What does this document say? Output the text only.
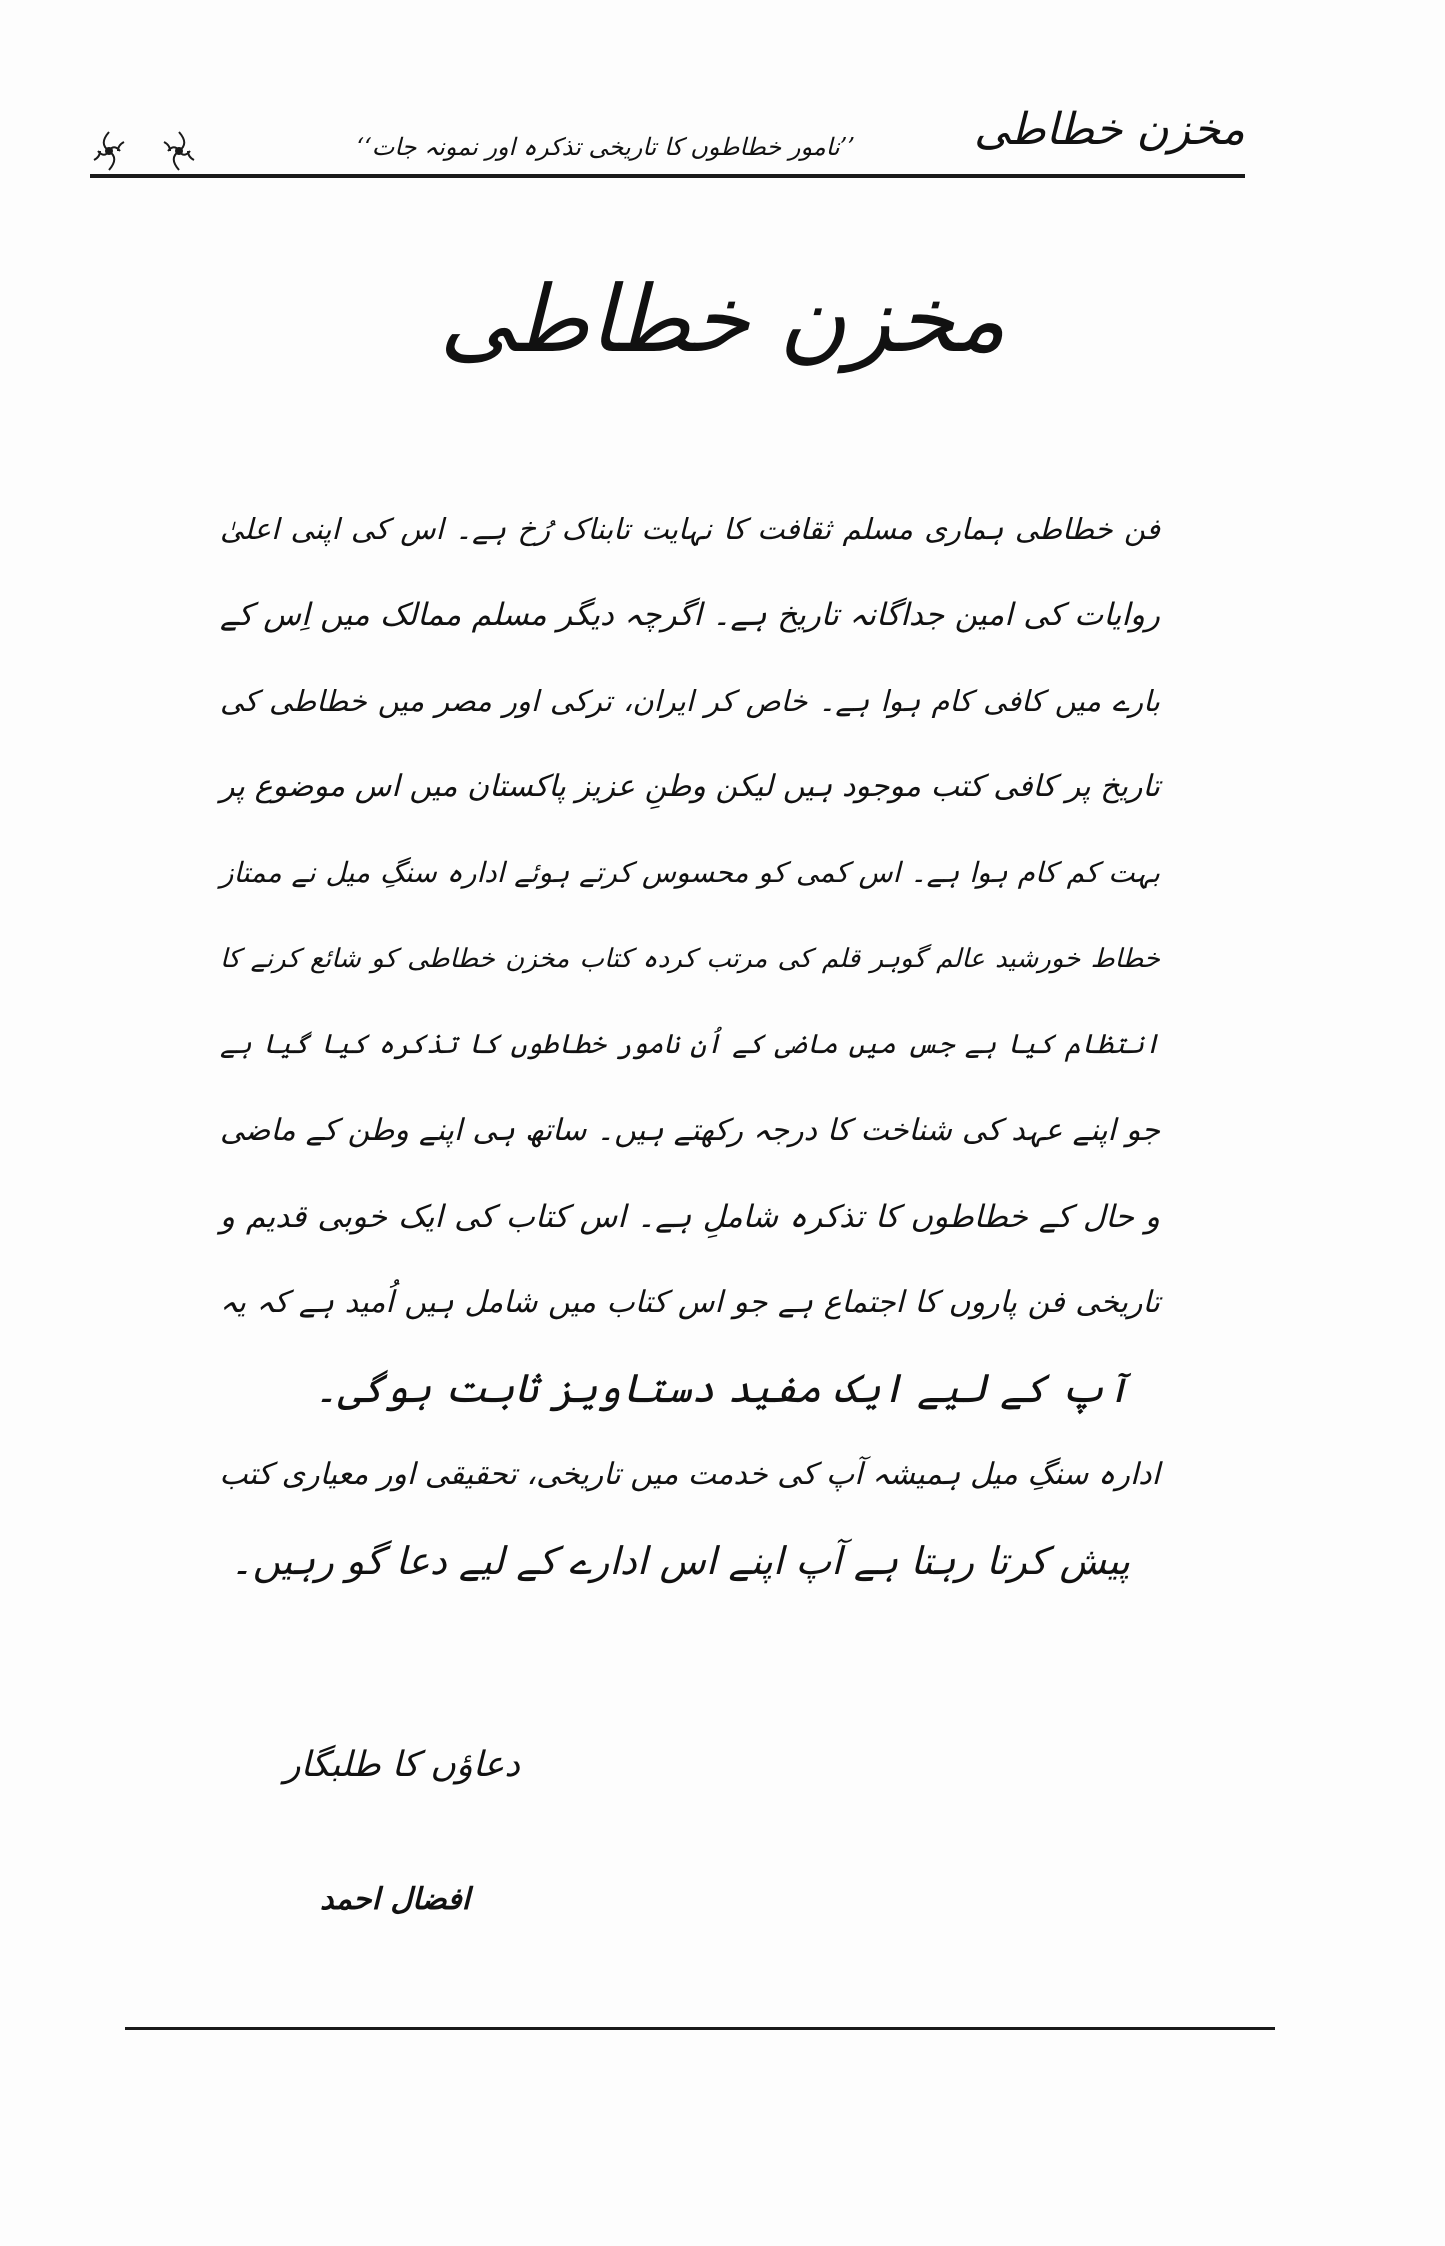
مخزن خطاطی
’’نامور خطاطوں کا تاریخی تذکرہ اور نمونہ جات‘‘
مخزن خطاطی
فن خطاطی ہماری مسلم ثقافت کا نہایت تابناک رُخ ہے۔ اس کی اپنی اعلیٰ
روایات کی امین جداگانہ تاریخ ہے۔ اگرچہ دیگر مسلم ممالک میں اِس کے
بارے میں کافی کام ہوا ہے۔ خاص کر ایران، ترکی اور مصر میں خطاطی کی
تاریخ پر کافی کتب موجود ہیں لیکن وطنِ عزیز پاکستان میں اس موضوع پر
بہت کم کام ہوا ہے۔ اس کمی کو محسوس کرتے ہوئے ادارہ سنگِ میل نے ممتاز
خطاط خورشید عالم گوہر قلم کی مرتب کردہ کتاب مخزن خطاطی کو شائع کرنے کا
انتظام کیا ہے جس میں ماضی کے اُن نامور خطاطوں کا تذکرہ کیا گیا ہے
جو اپنے عہد کی شناخت کا درجہ رکھتے ہیں۔ ساتھ ہی اپنے وطن کے ماضی
و حال کے خطاطوں کا تذکرہ شاملِ ہے۔ اس کتاب کی ایک خوبی قدیم و
تاریخی فن پاروں کا اجتماع ہے جو اس کتاب میں شامل ہیں اُمید ہے کہ یہ
آپ کے لیے ایک مفید دستاویز ثابت ہوگی۔
ادارہ سنگِ میل ہمیشہ آپ کی خدمت میں تاریخی، تحقیقی اور معیاری کتب
پیش کرتا رہتا ہے آپ اپنے اس ادارے کے لیے دعا گو رہیں۔
دعاؤں کا طلبگار
افضال احمد
